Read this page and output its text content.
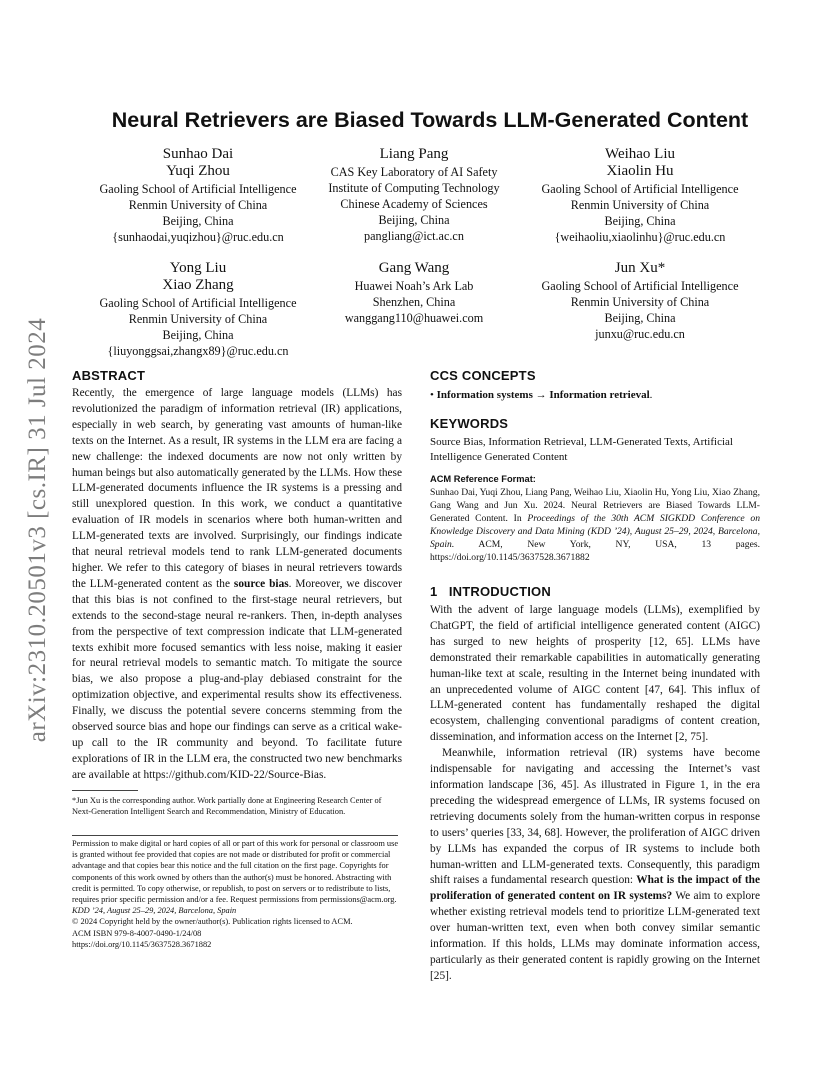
arXiv:2310.20501v3 [cs.IR] 31 Jul 2024
Neural Retrievers are Biased Towards LLM-Generated Content
Sunhao Dai
Yuqi Zhou
Gaoling School of Artificial Intelligence
Renmin University of China
Beijing, China
{sunhaodai,yuqizhou}@ruc.edu.cn
Liang Pang
CAS Key Laboratory of AI Safety
Institute of Computing Technology
Chinese Academy of Sciences
Beijing, China
pangliang@ict.ac.cn
Weihao Liu
Xiaolin Hu
Gaoling School of Artificial Intelligence
Renmin University of China
Beijing, China
{weihaoliu,xiaolinhu}@ruc.edu.cn
Yong Liu
Xiao Zhang
Gaoling School of Artificial Intelligence
Renmin University of China
Beijing, China
{liuyonggsai,zhangx89}@ruc.edu.cn
Gang Wang
Huawei Noah’s Ark Lab
Shenzhen, China
wanggang110@huawei.com
Jun Xu*
Gaoling School of Artificial Intelligence
Renmin University of China
Beijing, China
junxu@ruc.edu.cn
ABSTRACT

Recently, the emergence of large language models (LLMs) has revolutionized the paradigm of information retrieval (IR) applications, especially in web search, by generating vast amounts of human-like texts on the Internet. As a result, IR systems in the LLM era are facing a new challenge: the indexed documents are now not only written by human beings but also automatically generated by the LLMs. How these LLM-generated documents influence the IR systems is a pressing and still unexplored question. In this work, we conduct a quantitative evaluation of IR models in scenarios where both human-written and LLM-generated texts are involved. Surprisingly, our findings indicate that neural retrieval models tend to rank LLM-generated documents higher. We refer to this category of biases in neural retrievers towards the LLM-generated content as the source bias. Moreover, we discover that this bias is not confined to the first-stage neural retrievers, but extends to the second-stage neural re-rankers. Then, in-depth analyses from the perspective of text compression indicate that LLM-generated texts exhibit more focused semantics with less noise, making it easier for neural retrieval models to semantic match. To mitigate the source bias, we also propose a plug-and-play debiased constraint for the optimization objective, and experimental results show its effectiveness. Finally, we discuss the potential severe concerns stemming from the observed source bias and hope our findings can serve as a critical wake-up call to the IR community and beyond. To facilitate future explorations of IR in the LLM era, the constructed two new benchmarks are available at https://github.com/KID-22/Source-Bias.

*Jun Xu is the corresponding author. Work partially done at Engineering Research Center of Next-Generation Intelligent Search and Recommendation, Ministry of Education.

Permission to make digital or hard copies of all or part of this work for personal or classroom use is granted without fee provided that copies are not made or distributed for profit or commercial advantage and that copies bear this notice and the full citation on the first page. Copyrights for components of this work owned by others than the author(s) must be honored. Abstracting with credit is permitted. To copy otherwise, or republish, to post on servers or to redistribute to lists, requires prior specific permission and/or a fee. Request permissions from permissions@acm.org.

KDD ’24, August 25–29, 2024, Barcelona, Spain

© 2024 Copyright held by the owner/author(s). Publication rights licensed to ACM.

ACM ISBN 979-8-4007-0490-1/24/08

https://doi.org/10.1145/3637528.3671882

CCS CONCEPTS

• Information systems → Information retrieval.

KEYWORDS

Source Bias, Information Retrieval, LLM-Generated Texts, Artificial Intelligence Generated Content

ACM Reference Format:

Sunhao Dai, Yuqi Zhou, Liang Pang, Weihao Liu, Xiaolin Hu, Yong Liu, Xiao Zhang, Gang Wang and Jun Xu. 2024. Neural Retrievers are Biased Towards LLM-Generated Content. In Proceedings of the 30th ACM SIGKDD Conference on Knowledge Discovery and Data Mining (KDD ’24), August 25–29, 2024, Barcelona, Spain.	ACM, New York, NY, USA, 13 pages. https://doi.org/10.1145/3637528.3671882

1   INTRODUCTION

With the advent of large language models (LLMs), exemplified by ChatGPT, the field of artificial intelligence generated content (AIGC) has surged to new heights of prosperity [12, 65]. LLMs have demonstrated their remarkable capabilities in automatically generating human-like text at scale, resulting in the Internet being inundated with an unprecedented volume of AIGC content [47, 64]. This influx of LLM-generated content has fundamentally reshaped the digital ecosystem, challenging conventional paradigms of content creation, dissemination, and information access on the Internet [2, 75].

Meanwhile, information retrieval (IR) systems have become indispensable for navigating and accessing the Internet’s vast information landscape [36, 45]. As illustrated in Figure 1, in the era preceding the widespread emergence of LLMs, IR systems focused on retrieving documents solely from the human-written corpus in response to users’ queries [33, 34, 68]. However, the proliferation of AIGC driven by LLMs has expanded the corpus of IR systems to include both human-written and LLM-generated texts. Consequently, this paradigm shift raises a fundamental research question: What is the impact of the proliferation of generated content on IR systems? We aim to explore whether existing retrieval models tend to prioritize LLM-generated text over human-written text, even when both convey similar semantic information. If this holds, LLMs may dominate information access, particularly as their generated content is rapidly growing on the Internet [25].
